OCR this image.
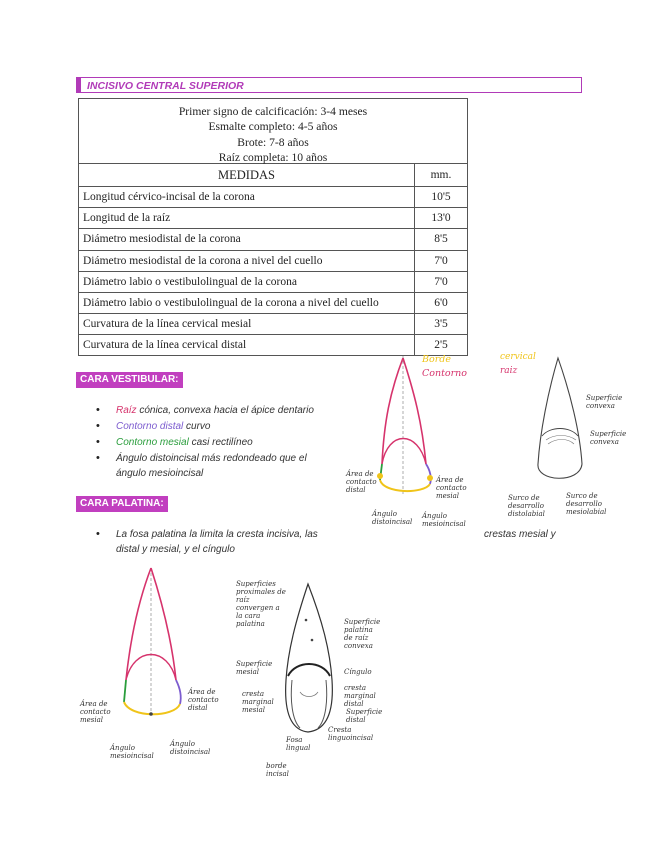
INCISIVO CENTRAL SUPERIOR
Primer signo de calcificación: 3-4 meses
Esmalte completo: 4-5 años
Brote: 7-8 años
Raíz completa: 10 años
MEDIDAS	mm.
Longitud cérvico-incisal de la corona	10'5
Longitud de la raíz	13'0
Diámetro mesiodistal de la corona	8'5
Diámetro mesiodistal de la corona a nivel del cuello	7'0
Diámetro labio o vestibulolingual de la corona	7'0
Diámetro labio o vestibulolingual de la corona a nivel del cuello	6'0
Curvatura de la línea cervical mesial	3'5
Curvatura de la línea cervical distal	2'5
CARA VESTIBULAR:
• Raíz cónica, convexa hacia el ápice dentario
• Contorno distal curvo
• Contorno mesial casi rectilíneo
• Ángulo distoincisal más redondeado que el ángulo mesioincisal
CARA PALATINA:
• La fosa palatina la limita la cresta incisiva, las
distal y mesial, y el cíngulo
crestas mesial y
Borde
Contorno
cervical
raiz
Área de contacto distal
Área de contacto mesial
Ángulo distoincisal
Ángulo mesioincisal
Superficie convexa
Superficie convexa
Surco de desarrollo distolabial
Surco de desarrollo mesiolabial
Área de contacto mesial
Área de contacto distal
Ángulo mesioincisal
Ángulo distoincisal
Superficies proximales de raíz convergen a la cara palatina	Superficie palatina de raíz convexa
Superficie mesial	Cíngulo
cresta marginal distal
Superficie distal
cresta marginal mesial
Fosa lingual
Cresta linguoincisal
borde incisal
